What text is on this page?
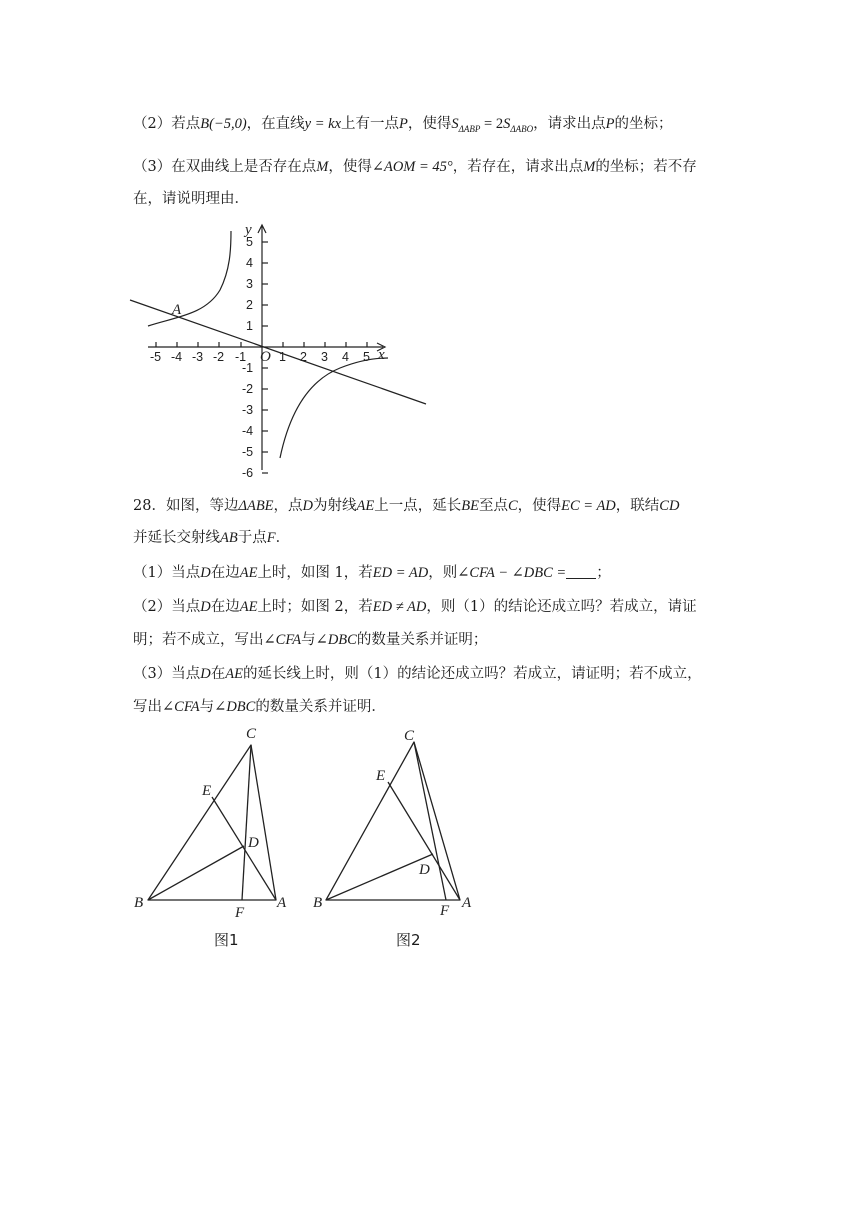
（2）若点B(−5,0)，在直线y = kx上有一点P，使得$S_{\Delta ABP} = 2S_{\Delta ABO}$，请求出点P的坐标；
（3）在双曲线上是否存在点M，使得∠AOM = 45°，若存在，请求出点M的坐标；若不存
在，请说明理由．
-5 -4 -3 -2 -1	1 2 3 4 5
5
4
3
2
1
-1
-2
-3
-4
-5
-6
x
y
O
A
28．如图，等边ΔABE，点D为射线AE上一点，延长BE至点C，使得EC = AD，联结CD
并延长交射线AB于点F．
（1）当点D在边AE上时，如图 1，若ED = AD，则∠CFA − ∠DBC = ；
（2）当点D在边AE上时；如图 2，若ED ≠ AD，则（1）的结论还成立吗？若成立，请证
明；若不成立，写出∠CFA与∠DBC的数量关系并证明；
（3）当点D在AE的延长线上时，则（1）的结论还成立吗？若成立，请证明；若不成立，
写出∠CFA与∠DBC的数量关系并证明．
C
E
D
B
F
A
图1
C
E
D
B	F A
图2
